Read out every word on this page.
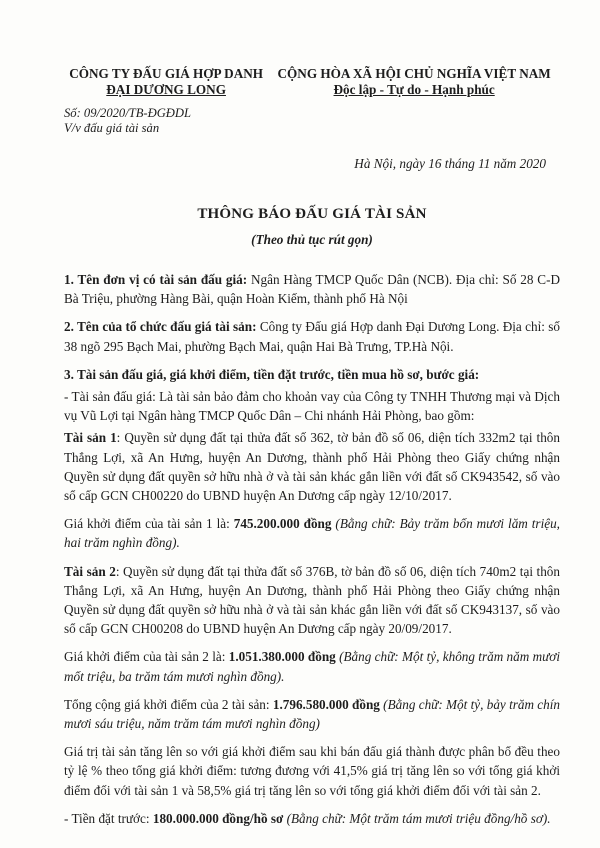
CÔNG TY ĐẤU GIÁ HỢP DANH
ĐẠI DƯƠNG LONG
Số: 09/2020/TB-ĐGĐDL
V/v đấu giá tài sản
CỘNG HÒA XÃ HỘI CHỦ NGHĨA VIỆT NAM
Độc lập - Tự do - Hạnh phúc
Hà Nội, ngày 16 tháng 11 năm 2020
THÔNG BÁO ĐẤU GIÁ TÀI SẢN
(Theo thủ tục rút gọn)

1. Tên đơn vị có tài sản đấu giá: Ngân Hàng TMCP Quốc Dân (NCB). Địa chỉ: Số 28 C-D Bà Triệu, phường Hàng Bài, quận Hoàn Kiếm, thành phố Hà Nội

2. Tên của tổ chức đấu giá tài sản: Công ty Đấu giá Hợp danh Đại Dương Long. Địa chỉ: số 38 ngõ 295 Bạch Mai, phường Bạch Mai, quận Hai Bà Trưng, TP.Hà Nội.

3. Tài sản đấu giá, giá khởi điểm, tiền đặt trước, tiền mua hồ sơ, bước giá:

- Tài sản đấu giá: Là tài sản bảo đảm cho khoản vay của Công ty TNHH Thương mại và Dịch vụ Vũ Lợi tại Ngân hàng TMCP Quốc Dân – Chi nhánh Hải Phòng, bao gồm:

Tài sản 1: Quyền sử dụng đất tại thửa đất số 362, tờ bản đồ số 06, diện tích 332m2 tại thôn Thắng Lợi, xã An Hưng, huyện An Dương, thành phố Hải Phòng theo Giấy chứng nhận Quyền sử dụng đất quyền sở hữu nhà ở và tài sản khác gắn liền với đất số CK943542, số vào sổ cấp GCN CH00220 do UBND huyện An Dương cấp ngày 12/10/2017.

Giá khởi điểm của tài sản 1 là: 745.200.000 đồng (Bằng chữ: Bảy trăm bốn mươi lăm triệu, hai trăm nghìn đồng).

Tài sản 2: Quyền sử dụng đất tại thửa đất số 376B, tờ bản đồ số 06, diện tích 740m2 tại thôn Thắng Lợi, xã An Hưng, huyện An Dương, thành phố Hải Phòng theo Giấy chứng nhận Quyền sử dụng đất quyền sở hữu nhà ở và tài sản khác gắn liền với đất số CK943137, số vào sổ cấp GCN CH00208 do UBND huyện An Dương cấp ngày 20/09/2017.

Giá khởi điểm của tài sản 2 là: 1.051.380.000 đồng (Bằng chữ: Một tỷ, không trăm năm mươi mốt triệu, ba trăm tám mươi nghìn đồng).

Tổng cộng giá khởi điểm của 2 tài sản: 1.796.580.000 đồng (Bằng chữ: Một tỷ, bảy trăm chín mươi sáu triệu, năm trăm tám mươi nghìn đồng)

Giá trị tài sản tăng lên so với giá khởi điểm sau khi bán đấu giá thành được phân bổ đều theo tỷ lệ % theo tổng giá khởi điểm: tương đương với 41,5% giá trị tăng lên so với tổng giá khởi điểm đối với tài sản 1 và 58,5% giá trị tăng lên so với tổng giá khởi điểm đối với tài sản 2.

- Tiền đặt trước: 180.000.000 đồng/hồ sơ (Bằng chữ: Một trăm tám mươi triệu đồng/hồ sơ).
